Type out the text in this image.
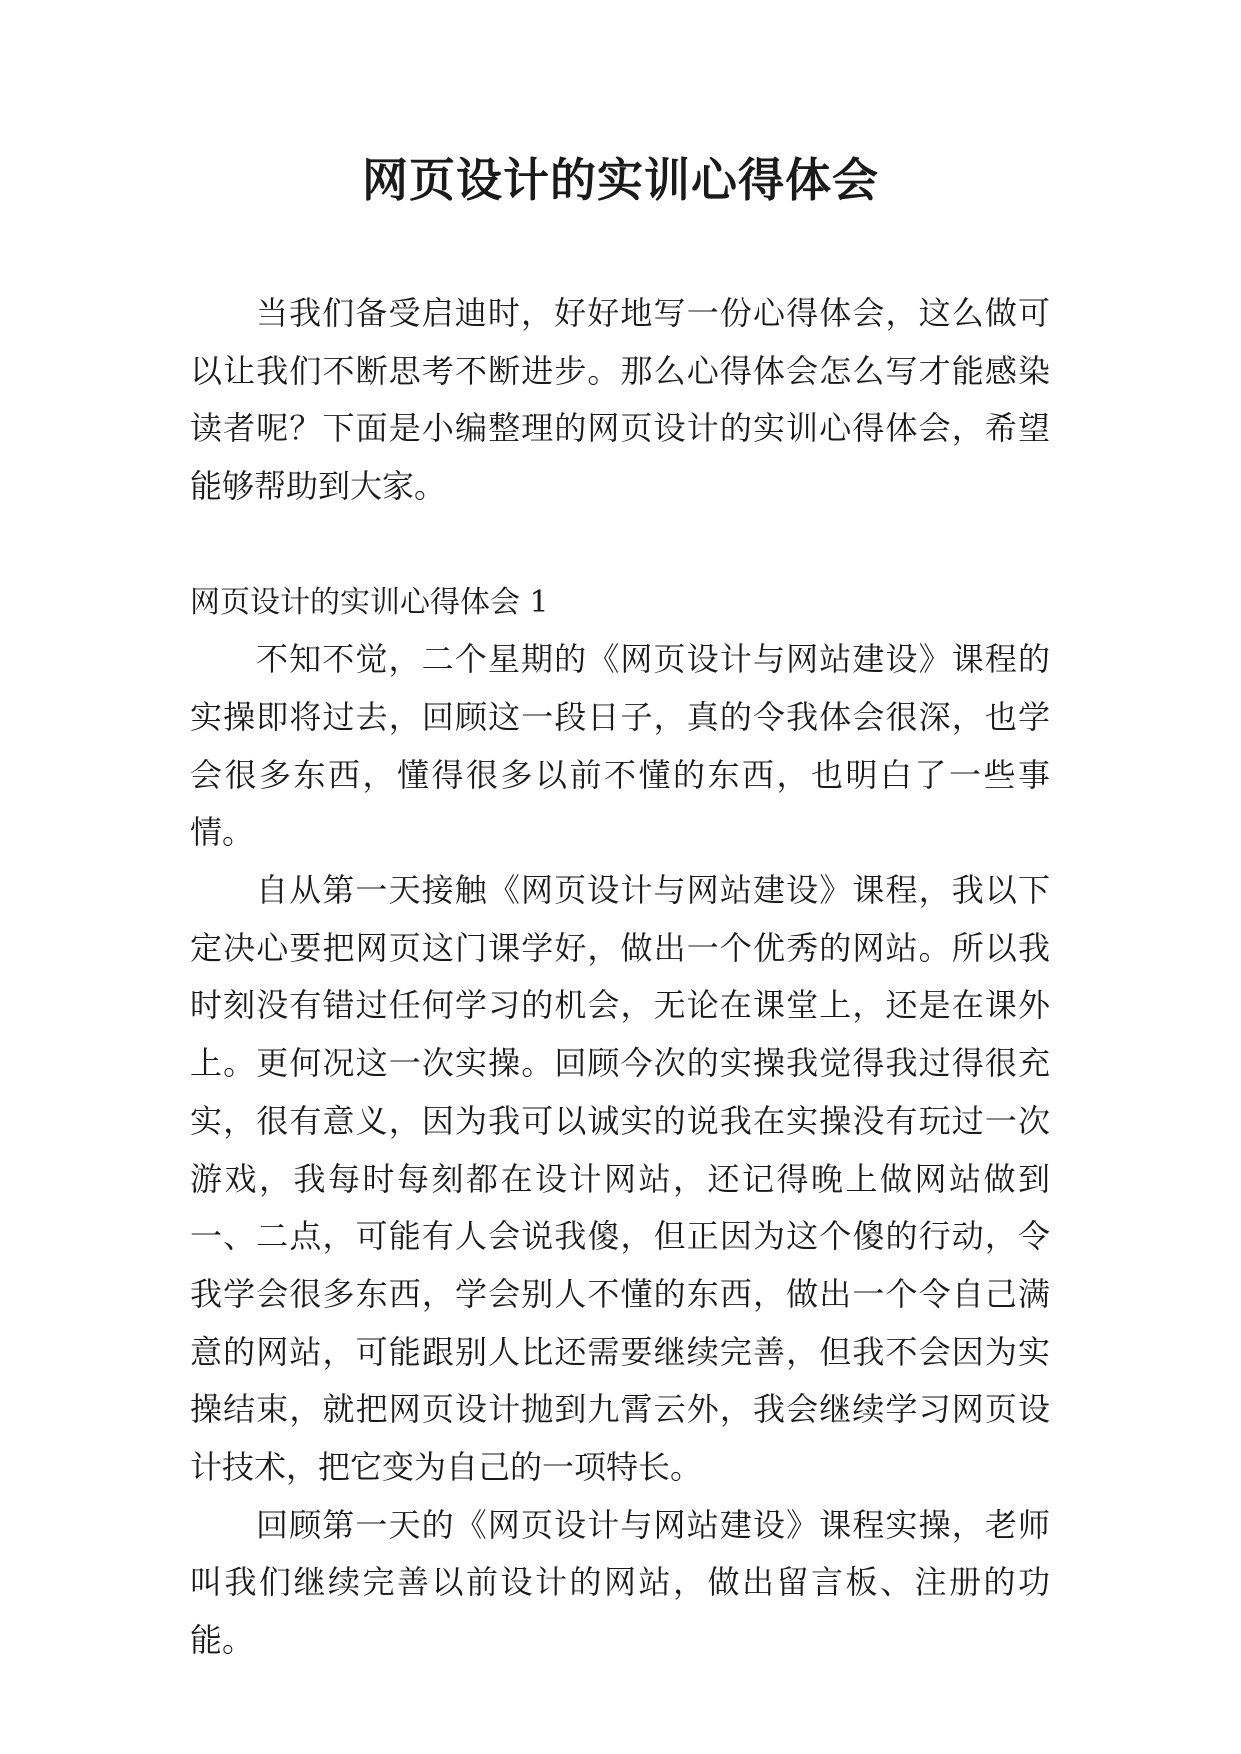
网页设计的实训心得体会

当我们备受启迪时，好好地写一份心得体会，这么做可以让我们不断思考不断进步。那么心得体会怎么写才能感染读者呢？下面是小编整理的网页设计的实训心得体会，希望能够帮助到大家。

网页设计的实训心得体会 1

不知不觉，二个星期的《网页设计与网站建设》课程的实操即将过去，回顾这一段日子，真的令我体会很深，也学会很多东西，懂得很多以前不懂的东西，也明白了一些事情。

自从第一天接触《网页设计与网站建设》课程，我以下定决心要把网页这门课学好，做出一个优秀的网站。所以我时刻没有错过任何学习的机会，无论在课堂上，还是在课外上。更何况这一次实操。回顾今次的实操我觉得我过得很充实，很有意义，因为我可以诚实的说我在实操没有玩过一次游戏，我每时每刻都在设计网站，还记得晚上做网站做到一、二点，可能有人会说我傻，但正因为这个傻的行动，令我学会很多东西，学会别人不懂的东西，做出一个令自己满意的网站，可能跟别人比还需要继续完善，但我不会因为实操结束，就把网页设计抛到九霄云外，我会继续学习网页设计技术，把它变为自己的一项特长。

回顾第一天的《网页设计与网站建设》课程实操，老师叫我们继续完善以前设计的网站，做出留言板、注册的功能。
